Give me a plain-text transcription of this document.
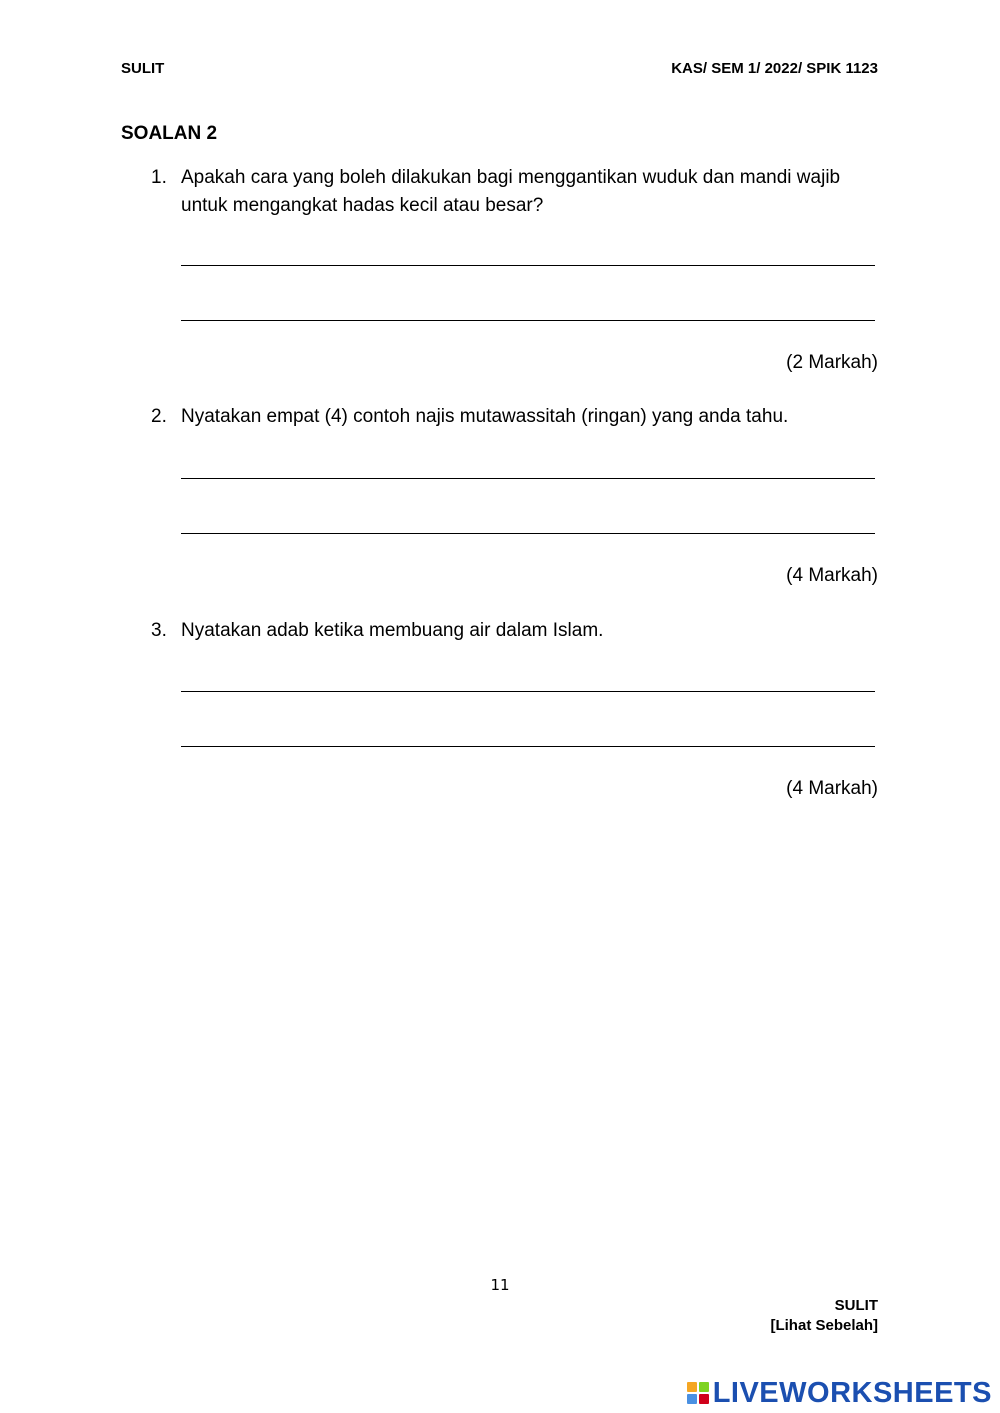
SULIT	KAS/ SEM 1/ 2022/ SPIK 1123
SOALAN 2
1. Apakah cara yang boleh dilakukan bagi menggantikan wuduk dan mandi wajib untuk mengangkat hadas kecil atau besar?
(2 Markah)
2. Nyatakan empat (4) contoh najis mutawassitah (ringan) yang anda tahu.
(4 Markah)
3. Nyatakan adab ketika membuang air dalam Islam.
(4 Markah)
11
SULIT
[Lihat Sebelah]
LIVEWORKSHEETS
